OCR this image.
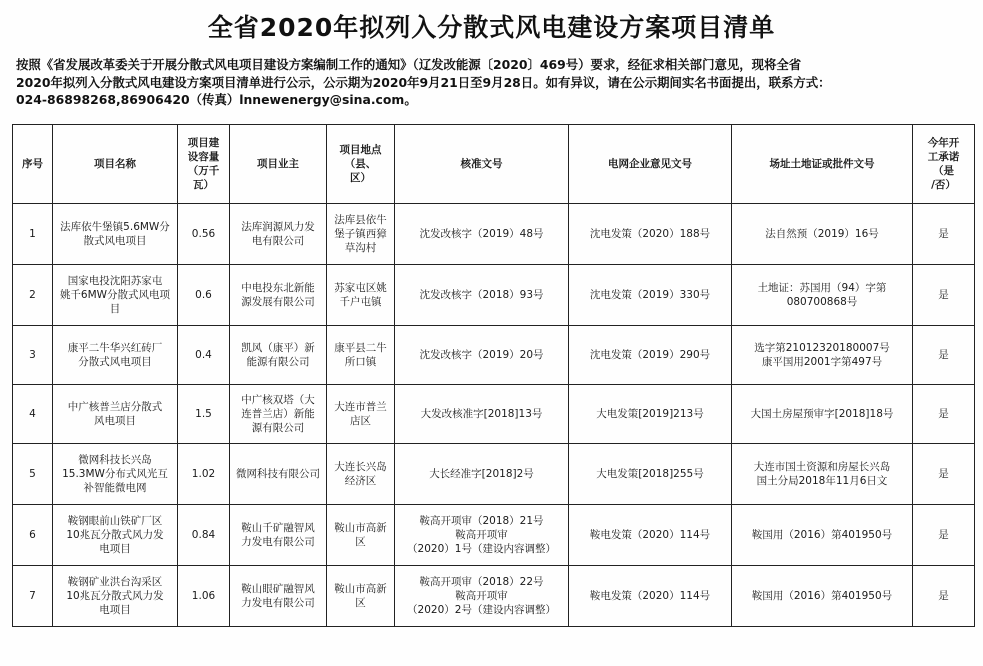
全省2020年拟列入分散式风电建设方案项目清单
按照《省发展改革委关于开展分散式风电项目建设方案编制工作的通知》（辽发改能源〔2020〕469号）要求，经征求相关部门意见，现将全省
2020年拟列入分散式风电建设方案项目清单进行公示，公示期为2020年9月21日至9月28日。如有异议，请在公示期间实名书面提出，联系方式：
024-86898268,86906420（传真）lnnewenergy@sina.com。
序号	项目名称	项目建
设容量
（万千
瓦）	项目业主	项目地点
（县、
区）	核准文号	电网企业意见文号	场址土地证或批件文号	今年开
工承诺
（是
/否）
1	法库依牛堡镇5.6MW分
散式风电项目	0.56	法库润源风力发
电有限公司	法库县依牛
堡子镇西獐
草沟村	沈发改核字（2019）48号	沈电发策（2020）188号	法自然预（2019）16号	是
2	国家电投沈阳苏家屯
姚千6MW分散式风电项
目	0.6	中电投东北新能
源发展有限公司	苏家屯区姚
千户屯镇	沈发改核字（2018）93号	沈电发策（2019）330号	土地证：苏国用（94）字第
080700868号	是
3	康平二牛华兴红砖厂
分散式风电项目	0.4	凯风（康平）新
能源有限公司	康平县二牛
所口镇	沈发改核字（2019）20号	沈电发策（2019）290号	选字第21012320180007号
康平国用2001字第497号	是
4	中广核普兰店分散式
风电项目	1.5	中广核双塔（大
连普兰店）新能
源有限公司	大连市普兰
店区	大发改核准字[2018]13号	大电发策[2019]213号	大国土房屋预审字[2018]18号	是
5	微网科技长兴岛
15.3MW分布式风光互
补智能微电网	1.02	微网科技有限公司	大连长兴岛
经济区	大长经准字[2018]2号	大电发策[2018]255号	大连市国土资源和房屋长兴岛
国土分局2018年11月6日文	是
6	鞍钢眼前山铁矿厂区
10兆瓦分散式风力发
电项目	0.84	鞍山千矿融智风
力发电有限公司	鞍山市高新
区	鞍高开项审（2018）21号
鞍高开项审
（2020）1号（建设内容调整）	鞍电发策（2020）114号	鞍国用（2016）第401950号	是
7	鞍钢矿业洪台沟采区
10兆瓦分散式风力发
电项目	1.06	鞍山眼矿融智风
力发电有限公司	鞍山市高新
区	鞍高开项审（2018）22号
鞍高开项审
（2020）2号（建设内容调整）	鞍电发策（2020）114号	鞍国用（2016）第401950号	是
